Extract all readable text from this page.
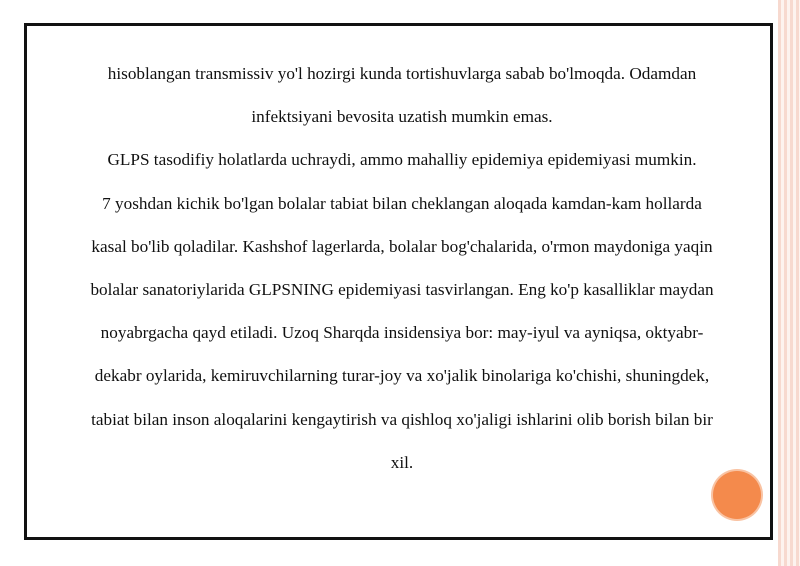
hisoblangan transmissiv yo'l hozirgi kunda tortishuvlarga sabab bo'lmoqda. Odamdan
infektsiyani bevosita uzatish mumkin emas.
GLPS tasodifiy holatlarda uchraydi, ammo mahalliy epidemiya epidemiyasi mumkin.
7 yoshdan kichik bo'lgan bolalar tabiat bilan cheklangan aloqada kamdan-kam hollarda
kasal bo'lib qoladilar. Kashshof lagerlarda, bolalar bog'chalarida, o'rmon maydoniga yaqin
bolalar sanatoriylarida GLPSNING epidemiyasi tasvirlangan. Eng ko'p kasalliklar maydan
noyabrgacha qayd etiladi. Uzoq Sharqda insidensiya bor: may-iyul va ayniqsa, oktyabr-
dekabr oylarida, kemiruvchilarning turar-joy va xo'jalik binolariga ko'chishi, shuningdek,
tabiat bilan inson aloqalarini kengaytirish va qishloq xo'jaligi ishlarini olib borish bilan bir
xil.
